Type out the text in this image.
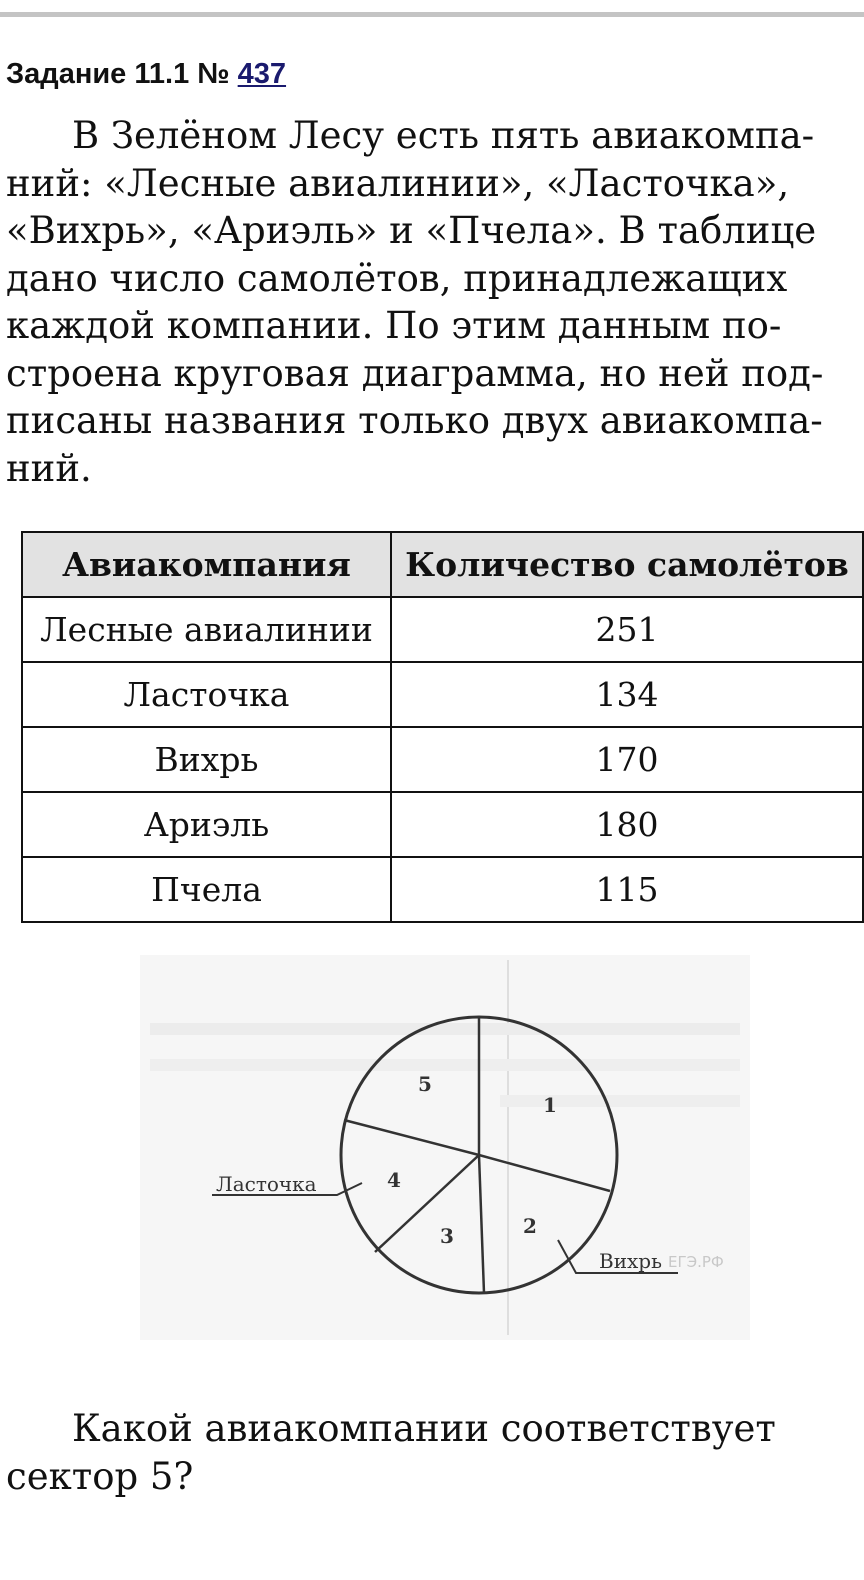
Задание 11.1 № 437
В Зелёном Лесу есть пять авиакомпа-
ний: «Лесные авиалинии», «Ласточка»,
«Вихрь», «Ариэль» и «Пчела». В таблице
дано число самолётов, принадлежащих
каждой компании. По этим данным по-
строена круговая диаграмма, но ней под-
писаны названия только двух авиакомпа-
ний.
Авиакомпания	Количество самолётов
Лесные авиалинии	251
Ласточка	134
Вихрь	170
Ариэль	180
Пчела	115
1
2
3
4
5
Ласточка
Вихрь ЕГЭ.РФ
Какой авиакомпании соответствует
сектор 5?
